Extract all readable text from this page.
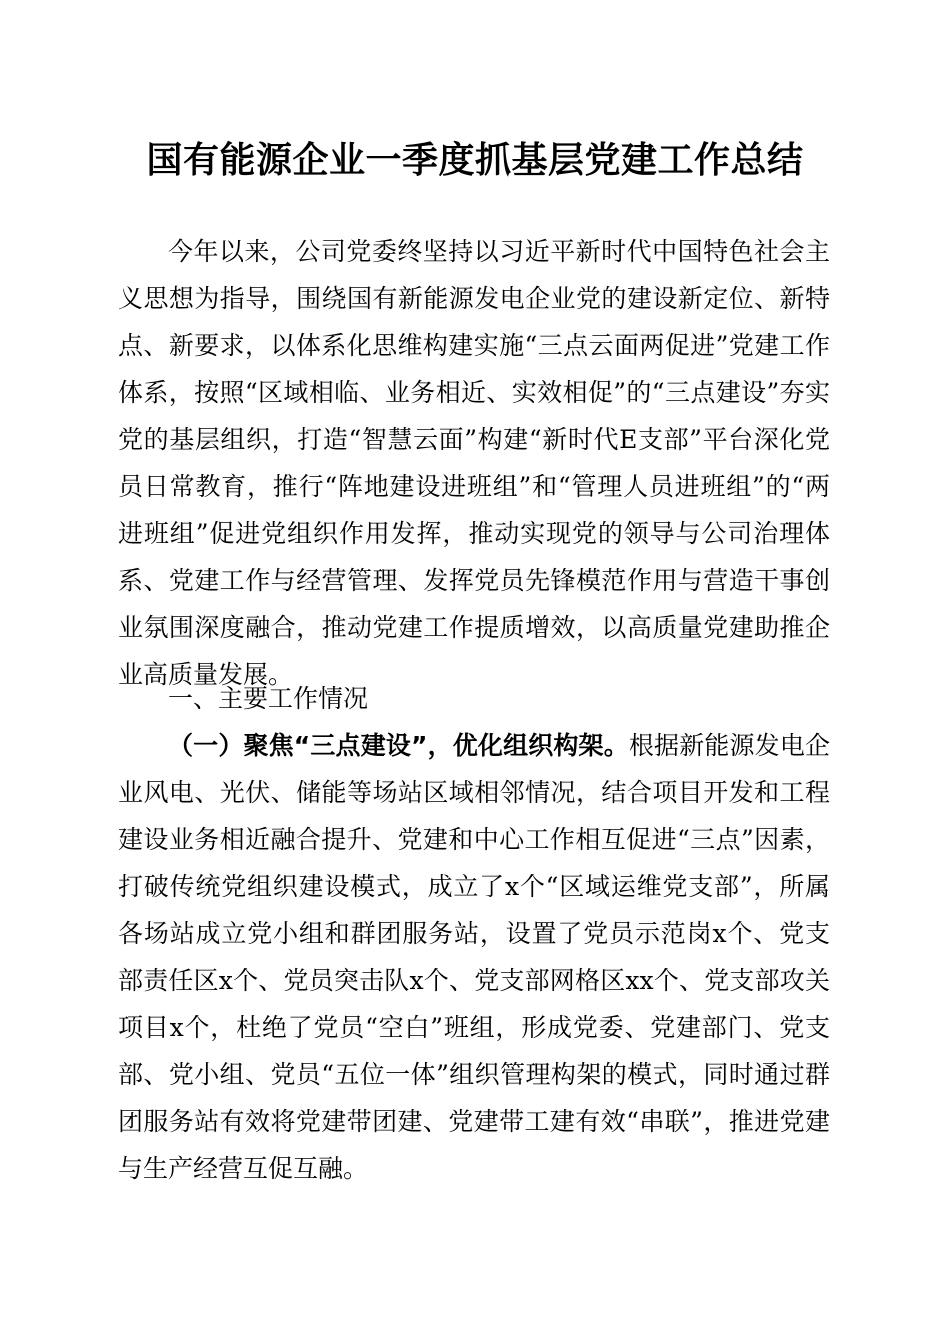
国有能源企业一季度抓基层党建工作总结

今年以来，公司党委终坚持以习近平新时代中国特色社会主义思想为指导，围绕国有新能源发电企业党的建设新定位、新特点、新要求，以体系化思维构建实施“三点云面两促进”党建工作体系，按照“区域相临、业务相近、实效相促”的“三点建设”夯实党的基层组织，打造“智慧云面”构建“新时代E支部”平台深化党员日常教育，推行“阵地建设进班组”和“管理人员进班组”的“两进班组”促进党组织作用发挥，推动实现党的领导与公司治理体系、党建工作与经营管理、发挥党员先锋模范作用与营造干事创业氛围深度融合，推动党建工作提质增效，以高质量党建助推企业高质量发展。

一、主要工作情况

（一）聚焦“三点建设”，优化组织构架。根据新能源发电企业风电、光伏、储能等场站区域相邻情况，结合项目开发和工程建设业务相近融合提升、党建和中心工作相互促进“三点”因素，打破传统党组织建设模式，成立了x个“区域运维党支部”，所属各场站成立党小组和群团服务站，设置了党员示范岗x个、党支部责任区x个、党员突击队x个、党支部网格区xx个、党支部攻关项目x个，杜绝了党员“空白”班组，形成党委、党建部门、党支部、党小组、党员“五位一体”组织管理构架的模式，同时通过群团服务站有效将党建带团建、党建带工建有效“串联”，推进党建与生产经营互促互融。
